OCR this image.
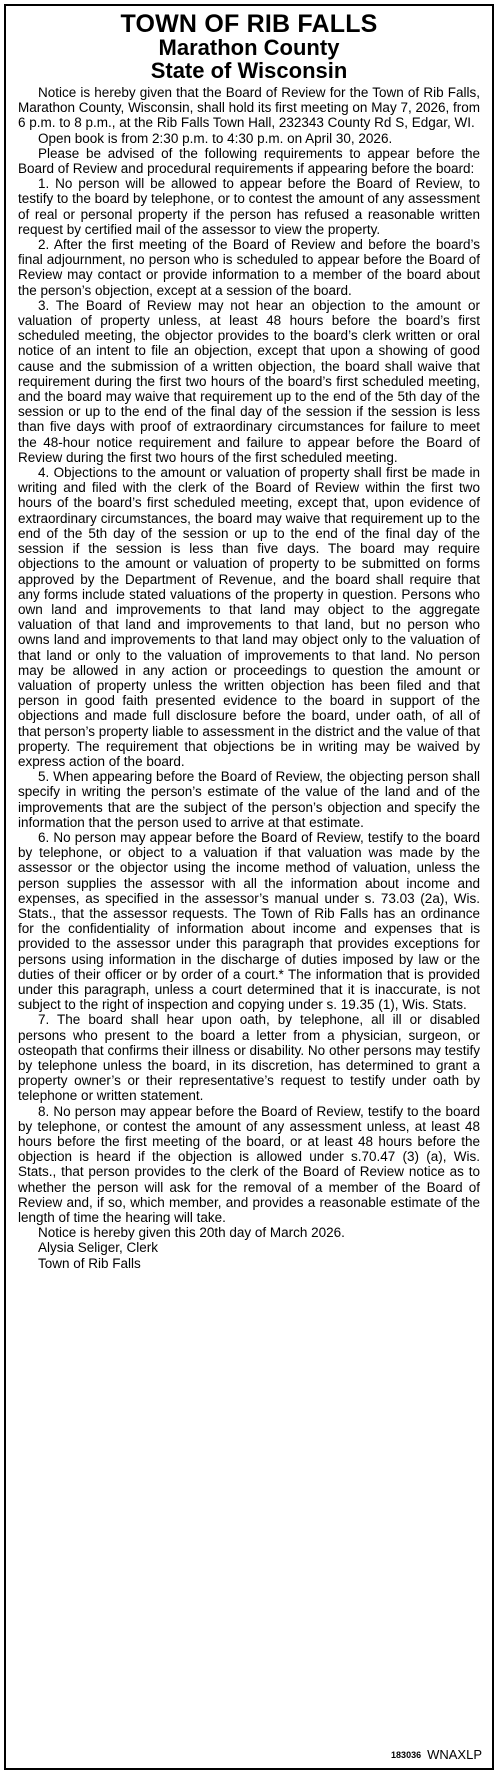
TOWN OF RIB FALLS
Marathon County
State of Wisconsin

Notice is hereby given that the Board of Review for the Town of Rib Falls, Marathon County, Wisconsin, shall hold its first meeting on May 7, 2026, from 6 p.m. to 8 p.m., at the Rib Falls Town Hall, 232343 County Rd S, Edgar, WI.

Open book is from 2:30 p.m. to 4:30 p.m. on April 30, 2026.

Please be advised of the following requirements to appear before the Board of Review and procedural requirements if appearing before the board:

1. No person will be allowed to appear before the Board of Review, to testify to the board by telephone, or to contest the amount of any assessment of real or personal property if the person has refused a reasonable written request by certified mail of the assessor to view the property.

2. After the first meeting of the Board of Review and before the board’s final adjournment, no person who is scheduled to appear before the Board of Review may contact or provide information to a member of the board about the person’s objection, except at a session of the board.

3. The Board of Review may not hear an objection to the amount or valuation of property unless, at least 48 hours before the board’s first scheduled meeting, the objector provides to the board’s clerk written or oral notice of an intent to file an objection, except that upon a showing of good cause and the submission of a written objection, the board shall waive that requirement during the first two hours of the board’s first scheduled meeting, and the board may waive that requirement up to the end of the 5th day of the session or up to the end of the final day of the session if the session is less than five days with proof of extraordinary circumstances for failure to meet the 48-hour notice requirement and failure to appear before the Board of Review during the first two hours of the first scheduled meeting.

4. Objections to the amount or valuation of property shall first be made in writing and filed with the clerk of the Board of Review within the first two hours of the board’s first scheduled meeting, except that, upon evidence of extraordinary circumstances, the board may waive that requirement up to the end of the 5th day of the session or up to the end of the final day of the session if the session is less than five days. The board may require objections to the amount or valuation of property to be submitted on forms approved by the Department of Revenue, and the board shall require that any forms include stated valuations of the property in question. Persons who own land and improvements to that land may object to the aggregate valuation of that land and improvements to that land, but no person who owns land and improvements to that land may object only to the valuation of that land or only to the valuation of improvements to that land. No person may be allowed in any action or proceedings to question the amount or valuation of property unless the written objection has been filed and that person in good faith presented evidence to the board in support of the objections and made full disclosure before the board, under oath, of all of that person’s property liable to assessment in the district and the value of that property. The requirement that objections be in writing may be waived by express action of the board.

5. When appearing before the Board of Review, the objecting person shall specify in writing the person’s estimate of the value of the land and of the improvements that are the subject of the person’s objection and specify the information that the person used to arrive at that estimate.

6. No person may appear before the Board of Review, testify to the board by telephone, or object to a valuation if that valuation was made by the assessor or the objector using the income method of valuation, unless the person supplies the assessor with all the information about income and expenses, as specified in the assessor’s manual under s. 73.03 (2a), Wis. Stats., that the assessor requests. The Town of Rib Falls has an ordinance for the confidentiality of information about income and expenses that is provided to the assessor under this paragraph that provides exceptions for persons using information in the discharge of duties imposed by law or the duties of their officer or by order of a court.* The information that is provided under this paragraph, unless a court determined that it is inaccurate, is not subject to the right of inspection and copying under s. 19.35 (1), Wis. Stats.

7. The board shall hear upon oath, by telephone, all ill or disabled persons who present to the board a letter from a physician, surgeon, or osteopath that confirms their illness or disability. No other persons may testify by telephone unless the board, in its discretion, has determined to grant a property owner’s or their representative’s request to testify under oath by telephone or written statement.

8. No person may appear before the Board of Review, testify to the board by telephone, or contest the amount of any assessment unless, at least 48 hours before the first meeting of the board, or at least 48 hours before the objection is heard if the objection is allowed under s.70.47 (3) (a), Wis. Stats., that person provides to the clerk of the Board of Review notice as to whether the person will ask for the removal of a member of the Board of Review and, if so, which member, and provides a reasonable estimate of the length of time the hearing will take.

Notice is hereby given this 20th day of March 2026.

Alysia Seliger, Clerk
Town of Rib Falls
183036 WNAXLP
